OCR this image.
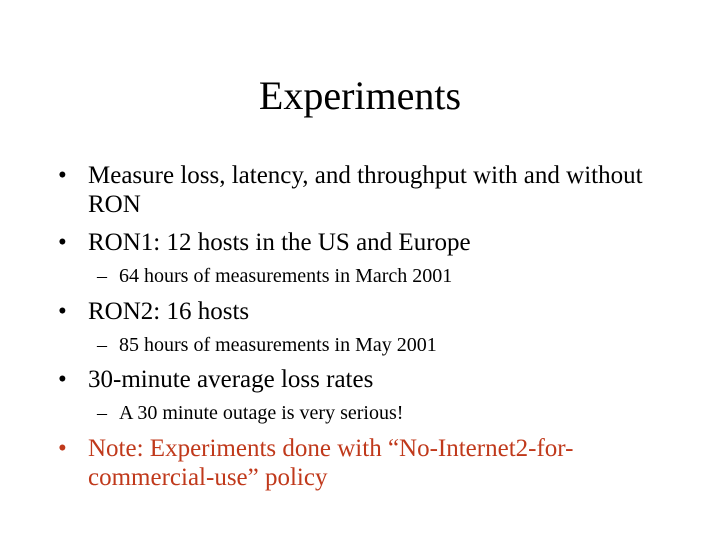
Experiments
• Measure loss, latency, and throughput with and without RON
• RON1: 12 hosts in the US and Europe
– 64 hours of measurements in March 2001
• RON2: 16 hosts
– 85 hours of measurements in May 2001
• 30-minute average loss rates
– A 30 minute outage is very serious!
• Note: Experiments done with “No-Internet2-for-commercial-use” policy
